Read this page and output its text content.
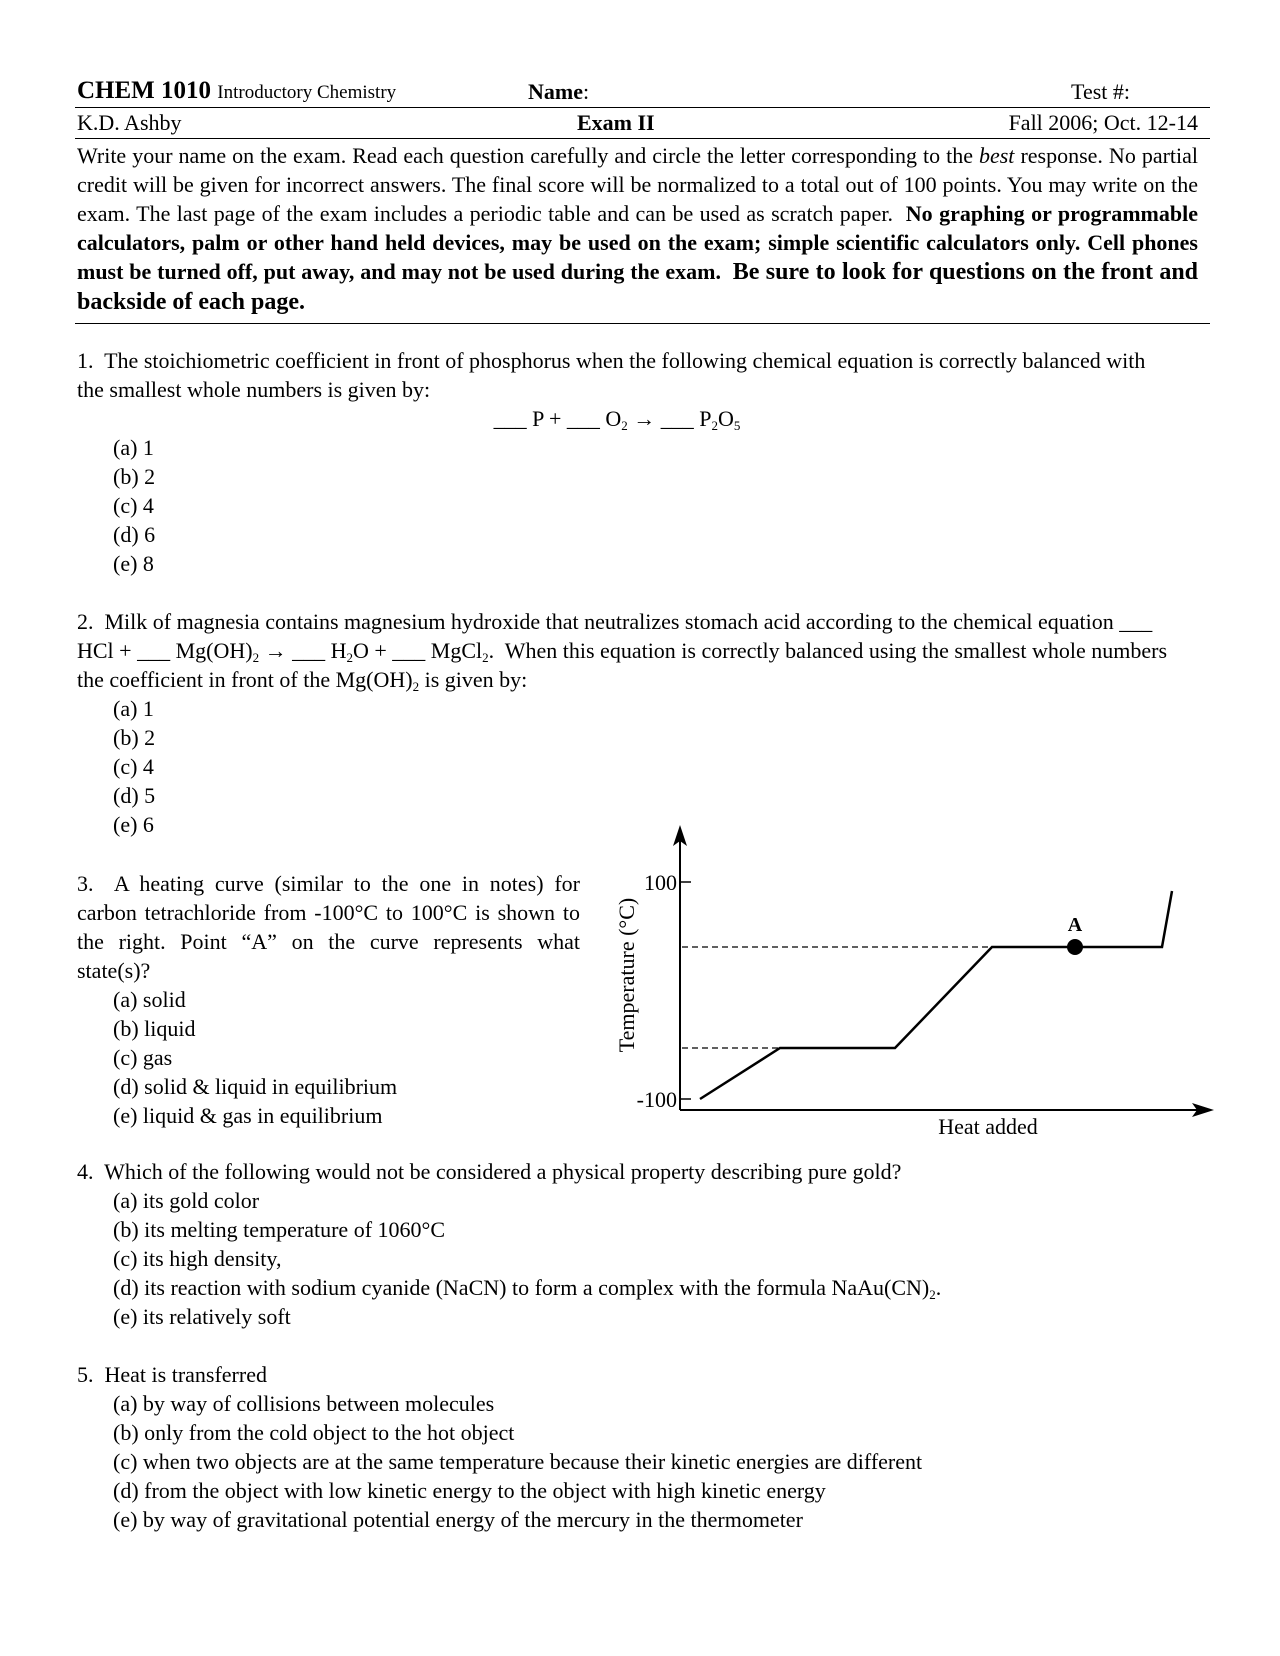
CHEM 1010 Introductory Chemistry	Name:	Test #:
K.D. Ashby	Exam II	Fall 2006; Oct. 12-14
Write your name on the exam. Read each question carefully and circle the letter corresponding to the best response. No partial credit will be given for incorrect answers. The final score will be normalized to a total out of 100 points. You may write on the exam. The last page of the exam includes a periodic table and can be used as scratch paper. No graphing or programmable calculators, palm or other hand held devices, may be used on the exam; simple scientific calculators only. Cell phones must be turned off, put away, and may not be used during the exam. Be sure to look for questions on the front and backside of each page.

1. The stoichiometric coefficient in front of phosphorus when the following chemical equation is correctly balanced with the smallest whole numbers is given by:

___ P + ___ $O_2$ → ___ $P_2O_5$

(a) 1
(b) 2
(c) 4
(d) 6
(e) 8

2. Milk of magnesia contains magnesium hydroxide that neutralizes stomach acid according to the chemical equation ___ HCl + ___ $Mg(OH)_2$ → ___ $H_2O$ + ___ MgCl$_2$. When this equation is correctly balanced using the smallest whole numbers the coefficient in front of the $Mg(OH)_2$ is given by:

(a) 1
(b) 2
(c) 4
(d) 5
(e) 6

3. A heating curve (similar to the one in notes) for carbon tetrachloride from -100°C to 100°C is shown to the right. Point “A” on the curve represents what state(s)?

(a) solid
(b) liquid
(c) gas
(d) solid & liquid in equilibrium
(e) liquid & gas in equilibrium
100
-100
Temperature (°C)
Heat added
A

4. Which of the following would not be considered a physical property describing pure gold?

(a) its gold color
(b) its melting temperature of 1060°C
(c) its high density,
(d) its reaction with sodium cyanide (NaCN) to form a complex with the formula $NaAu(CN)_2$.
(e) its relatively soft

5. Heat is transferred

(a) by way of collisions between molecules
(b) only from the cold object to the hot object
(c) when two objects are at the same temperature because their kinetic energies are different
(d) from the object with low kinetic energy to the object with high kinetic energy
(e) by way of gravitational potential energy of the mercury in the thermometer
